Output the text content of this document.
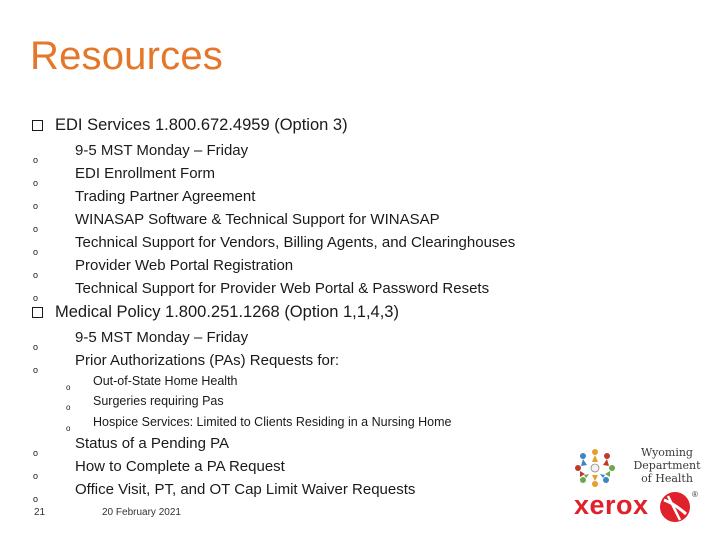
Resources
EDI Services 1.800.672.4959 (Option 3)
o
9-5 MST Monday – Friday
o
EDI Enrollment Form
o
Trading Partner Agreement
o
WINASAP Software & Technical Support for WINASAP
o
Technical Support for Vendors, Billing Agents, and Clearinghouses
o
Provider Web Portal Registration
o
Technical Support for Provider Web Portal & Password Resets
Medical Policy 1.800.251.1268 (Option 1,1,4,3)
o
9-5 MST Monday – Friday
o
Prior Authorizations (PAs) Requests for:
o Out-of-State Home Health
o Surgeries requiring Pas
o Hospice Services: Limited to Clients Residing in a Nursing Home
o
Status of a Pending PA
o
How to Complete a PA Request
o
Office Visit, PT, and OT Cap Limit Waiver Requests
21	20 February 2021
Wyoming
Department
of Health
xerox	®
